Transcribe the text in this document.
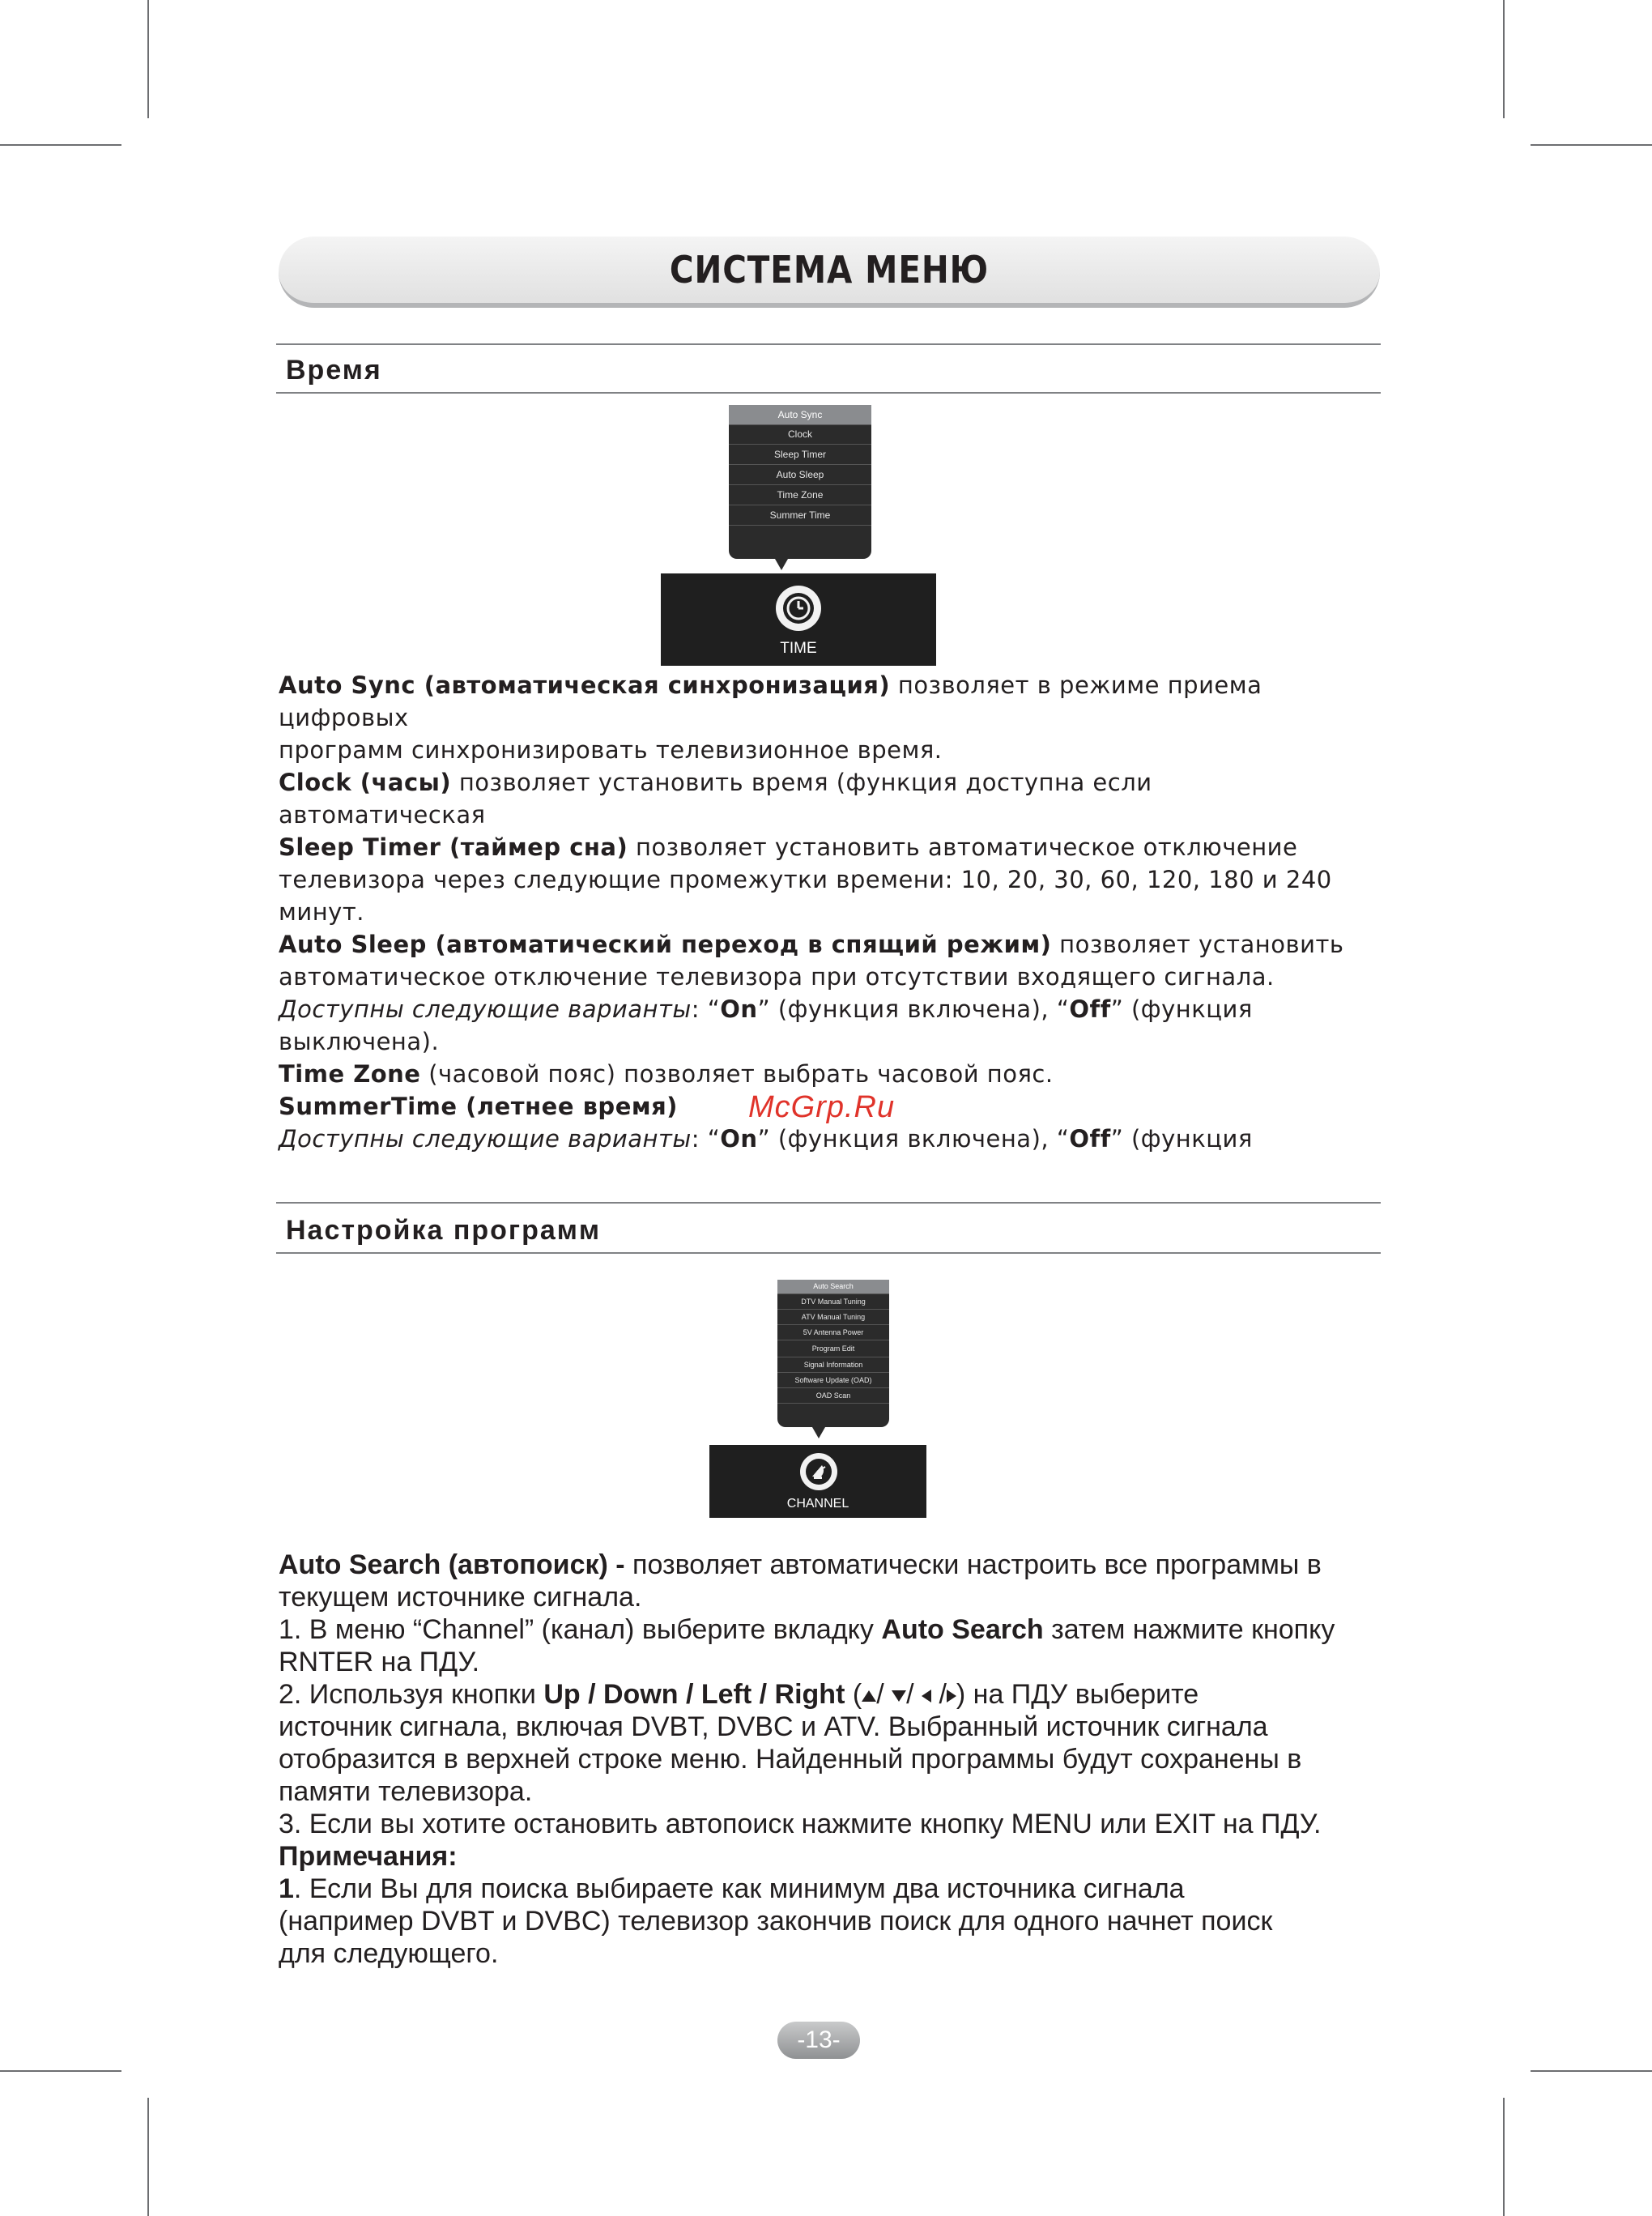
СИСТЕМА МЕНЮ
Время
Auto Sync
Clock
Sleep Timer
Auto Sleep
Time Zone
Summer Time
TIME

Auto Sync (автоматическая синхронизация) позволяет в режиме приема цифровых

программ синхронизировать телевизионное время.

Clock (часы) позволяет установить время (функция доступна если

автоматическая

Sleep Timer (таймер сна) позволяет установить автоматическое отключение

телевизора через следующие промежутки времени: 10, 20, 30, 60, 120, 180 и 240

минут.

Auto Sleep (автоматический переход в спящий режим) позволяет установить

автоматическое отключение телевизора при отсутствии входящего сигнала.

Доступны следующие варианты: “On” (функция включена), “Off” (функция

выключена).

Time Zone (часовой пояс) позволяет выбрать часовой пояс.

SummerTime (летнее время)

Доступны следующие варианты: “On” (функция включена), “Off” (функция

McGrp.Ru
Настройка программ
Auto Search
DTV Manual Tuning
ATV Manual Tuning
5V Antenna Power
Program Edit
Signal Information
Software Update (OAD)
OAD Scan
CHANNEL

Auto Search (автопоиск) - позволяет автоматически настроить все программы в

текущем источнике сигнала.

1. В меню “Channel” (канал) выберите вкладку Auto Search затем нажмите кнопку

RNTER на ПДУ.

2. Используя кнопки Up / Down / Left / Right ( / /  / ) на ПДУ выберите

источник сигнала, включая DVBT, DVBC и ATV. Выбранный источник сигнала

отобразится в верхней строке меню. Найденный программы будут сохранены в

памяти телевизора.

3. Если вы хотите остановить автопоиск нажмите кнопку MENU или EXIT на ПДУ.

Примечания:

1. Если Вы для поиска выбираете как минимум два источника сигнала

(например DVBT и DVBC) телевизор закончив поиск для одного начнет поиск

для следующего.

-13-
